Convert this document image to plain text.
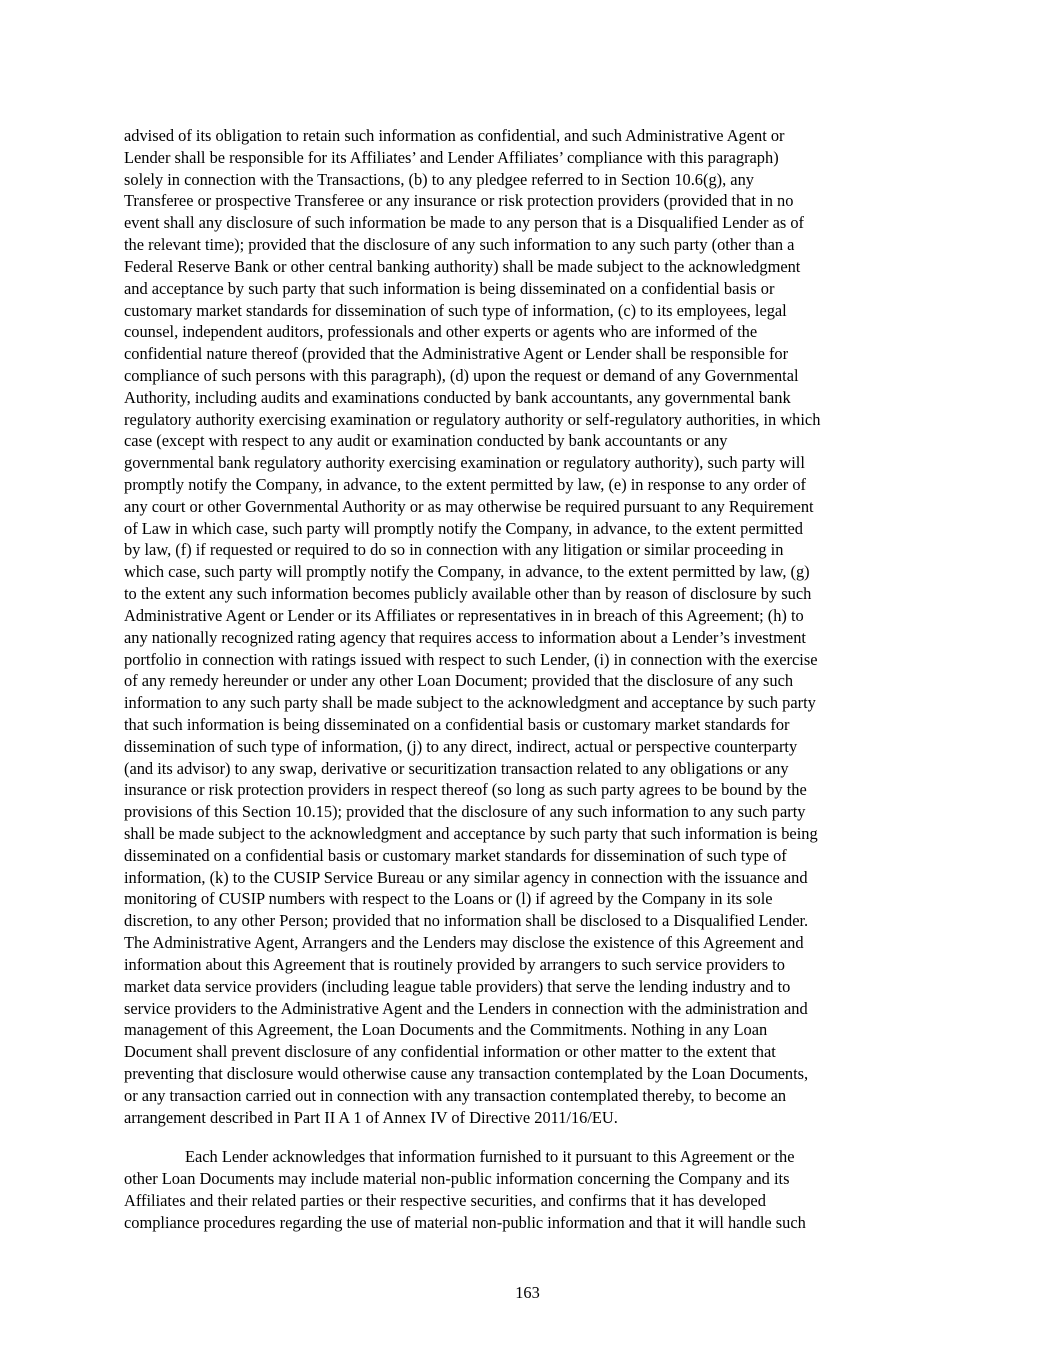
advised of its obligation to retain such information as confidential, and such Administrative Agent or
Lender shall be responsible for its Affiliates’ and Lender Affiliates’ compliance with this paragraph)
solely in connection with the Transactions, (b) to any pledgee referred to in Section 10.6(g), any
Transferee or prospective Transferee or any insurance or risk protection providers (provided that in no
event shall any disclosure of such information be made to any person that is a Disqualified Lender as of
the relevant time); provided that the disclosure of any such information to any such party (other than a
Federal Reserve Bank or other central banking authority) shall be made subject to the acknowledgment
and acceptance by such party that such information is being disseminated on a confidential basis or
customary market standards for dissemination of such type of information, (c) to its employees, legal
counsel, independent auditors, professionals and other experts or agents who are informed of the
confidential nature thereof (provided that the Administrative Agent or Lender shall be responsible for
compliance of such persons with this paragraph), (d) upon the request or demand of any Governmental
Authority, including audits and examinations conducted by bank accountants, any governmental bank
regulatory authority exercising examination or regulatory authority or self-regulatory authorities, in which
case (except with respect to any audit or examination conducted by bank accountants or any
governmental bank regulatory authority exercising examination or regulatory authority), such party will
promptly notify the Company, in advance, to the extent permitted by law, (e) in response to any order of
any court or other Governmental Authority or as may otherwise be required pursuant to any Requirement
of Law in which case, such party will promptly notify the Company, in advance, to the extent permitted
by law, (f) if requested or required to do so in connection with any litigation or similar proceeding in
which case, such party will promptly notify the Company, in advance, to the extent permitted by law, (g)
to the extent any such information becomes publicly available other than by reason of disclosure by such
Administrative Agent or Lender or its Affiliates or representatives in in breach of this Agreement; (h) to
any nationally recognized rating agency that requires access to information about a Lender’s investment
portfolio in connection with ratings issued with respect to such Lender, (i) in connection with the exercise
of any remedy hereunder or under any other Loan Document; provided that the disclosure of any such
information to any such party shall be made subject to the acknowledgment and acceptance by such party
that such information is being disseminated on a confidential basis or customary market standards for
dissemination of such type of information, (j) to any direct, indirect, actual or perspective counterparty
(and its advisor) to any swap, derivative or securitization transaction related to any obligations or any
insurance or risk protection providers in respect thereof (so long as such party agrees to be bound by the
provisions of this Section 10.15); provided that the disclosure of any such information to any such party
shall be made subject to the acknowledgment and acceptance by such party that such information is being
disseminated on a confidential basis or customary market standards for dissemination of such type of
information, (k) to the CUSIP Service Bureau or any similar agency in connection with the issuance and
monitoring of CUSIP numbers with respect to the Loans or (l) if agreed by the Company in its sole
discretion, to any other Person; provided that no information shall be disclosed to a Disqualified Lender.
The Administrative Agent, Arrangers and the Lenders may disclose the existence of this Agreement and
information about this Agreement that is routinely provided by arrangers to such service providers to
market data service providers (including league table providers) that serve the lending industry and to
service providers to the Administrative Agent and the Lenders in connection with the administration and
management of this Agreement, the Loan Documents and the Commitments. Nothing in any Loan
Document shall prevent disclosure of any confidential information or other matter to the extent that
preventing that disclosure would otherwise cause any transaction contemplated by the Loan Documents,
or any transaction carried out in connection with any transaction contemplated thereby, to become an
arrangement described in Part II A 1 of Annex IV of Directive 2011/16/EU.
Each Lender acknowledges that information furnished to it pursuant to this Agreement or the
other Loan Documents may include material non-public information concerning the Company and its
Affiliates and their related parties or their respective securities, and confirms that it has developed
compliance procedures regarding the use of material non-public information and that it will handle such
163
